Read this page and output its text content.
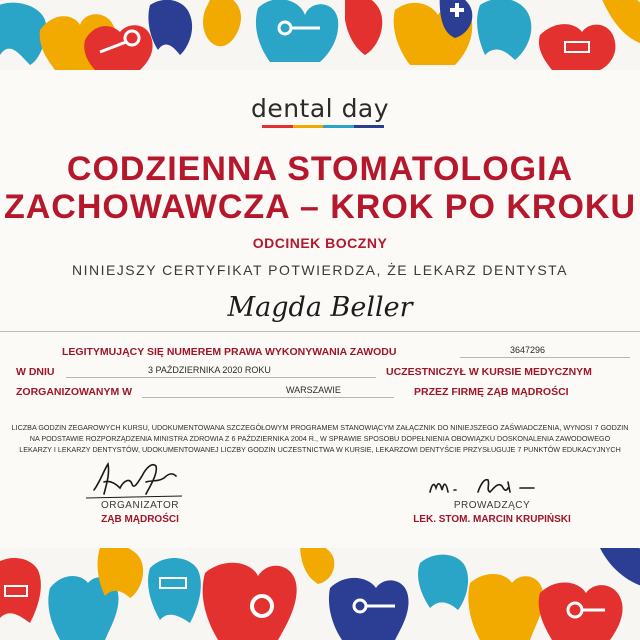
dental day
CODZIENNA STOMATOLOGIA
ZACHOWAWCZA – KROK PO KROKU
ODCINEK BOCZNY
NINIEJSZY CERTYFIKAT POTWIERDZA, ŻE LEKARZ DENTYSTA
Magda Beller
LEGITYMUJĄCY SIĘ NUMEREM PRAWA WYKONYWANIA ZAWODU	3647296
W DNIU	3 PAŹDZIERNIKA 2020 ROKU	UCZESTNICZYŁ W KURSIE MEDYCZNYM
ZORGANIZOWANYM W	WARSZAWIE	PRZEZ FIRMĘ ZĄB MĄDROŚCI
LICZBA GODZIN ZEGAROWYCH KURSU, UDOKUMENTOWANA SZCZEGÓŁOWYM PROGRAMEM STANOWIĄCYM ZAŁĄCZNIK DO NINIEJSZEGO ZAŚWIADCZENIA, WYNOSI 7 GODZIN
NA PODSTAWIE ROZPORZĄDZENIA MINISTRA ZDROWIA Z 6 PAŹDZIERNIKA 2004 R., W SPRAWIE SPOSOBU DOPEŁNIENIA OBOWIĄZKU DOSKONALENIA ZAWODOWEGO
LEKARZY I LEKARZY DENTYSTÓW, UDOKUMENTOWANEJ LICZBY GODZIN UCZESTNICTWA W KURSIE, LEKARZOWI DENTYŚCIE PRZYSŁUGUJE 7 PUNKTÓW EDUKACYJNYCH
ORGANIZATOR
ZĄB MĄDROŚCI
PROWADZĄCY
LEK. STOM. MARCIN KRUPIŃSKI
